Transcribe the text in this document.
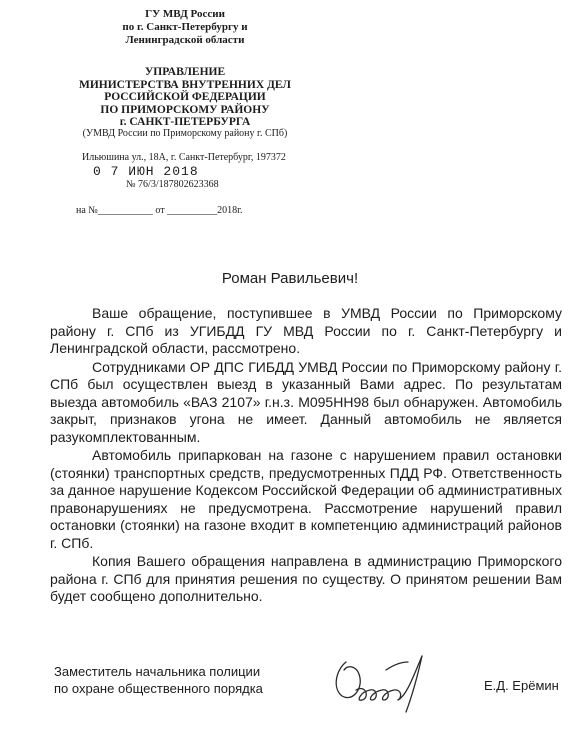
ГУ МВД России
по г. Санкт-Петербургу и
Ленинградской области
УПРАВЛЕНИЕ
МИНИСТЕРСТВА ВНУТРЕННИХ ДЕЛ
РОССИЙСКОЙ ФЕДЕРАЦИИ
ПО ПРИМОРСКОМУ РАЙОНУ
г. САНКТ-ПЕТЕРБУРГА
(УМВД России по Приморскому району г. СПб)
Ильюшина ул., 18А, г. Санкт-Петербург, 197372
0 7 ИЮН 2018
№ 76/3/187802623368
на №___________ от __________2018г.
Роман Равильевич!

Ваше обращение, поступившее в УМВД России по Приморскому району г. СПб из УГИБДД ГУ МВД России по г. Санкт-Петербургу и Ленинградской области, рассмотрено.

Сотрудниками ОР ДПС ГИБДД УМВД России по Приморскому району г. СПб был осуществлен выезд в указанный Вами адрес. По результатам выезда автомобиль «ВАЗ 2107» г.н.з. М095НН98 был обнаружен. Автомобиль закрыт, признаков угона не имеет. Данный автомобиль не является разукомплектованным.

Автомобиль припаркован на газоне с нарушением правил остановки (стоянки) транспортных средств, предусмотренных ПДД РФ. Ответственность за данное нарушение Кодексом Российской Федерации об административных правонарушениях не предусмотрена. Рассмотрение нарушений правил остановки (стоянки) на газоне входит в компетенцию администраций районов г. СПб.

Копия Вашего обращения направлена в администрацию Приморского района г. СПб для принятия решения по существу. О принятом решении Вам будет сообщено дополнительно.

Заместитель начальника полиции
по охране общественного порядка	Е.Д. Ерёмин
